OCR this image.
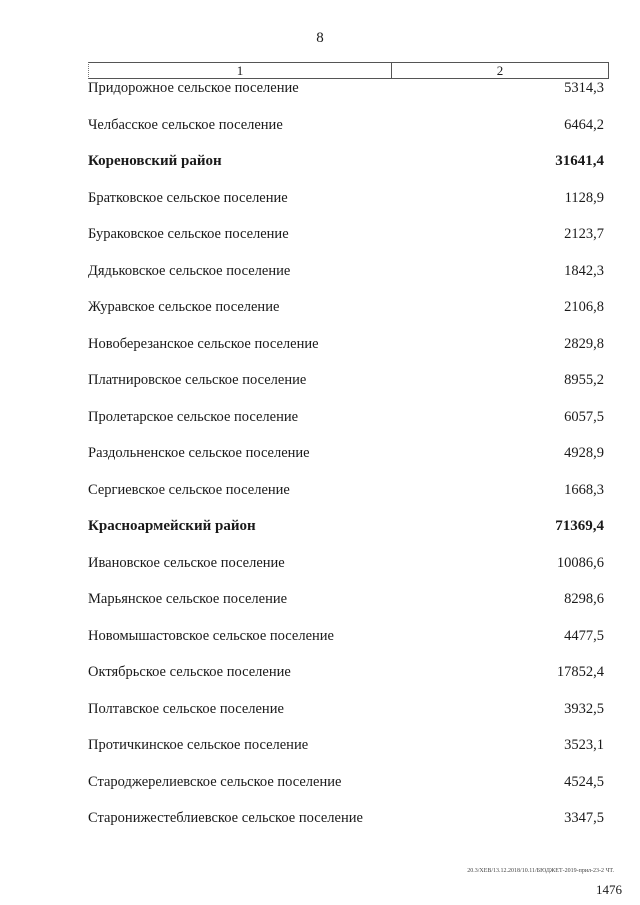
8
1	2
Придорожное сельское поселение	5314,3
Челбасское сельское поселение	6464,2
Кореновский район	31641,4
Братковское сельское поселение	1128,9
Бураковское сельское поселение	2123,7
Дядьковское сельское поселение	1842,3
Журавское сельское поселение	2106,8
Новоберезанское сельское поселение	2829,8
Платнировское сельское поселение	8955,2
Пролетарское сельское поселение	6057,5
Раздольненское сельское поселение	4928,9
Сергиевское сельское поселение	1668,3
Красноармейский район	71369,4
Ивановское сельское поселение	10086,6
Марьянское сельское поселение	8298,6
Новомышастовское сельское поселение	4477,5
Октябрьское сельское поселение	17852,4
Полтавское сельское поселение	3932,5
Протичкинское сельское поселение	3523,1
Староджерелиевское сельское поселение	4524,5
Старонижестеблиевское сельское поселение	3347,5
20.3/ХЕВ/13.12.2018/10.11/БЮДЖЕТ-2019-прил-23-2 ЧТ.
1476
